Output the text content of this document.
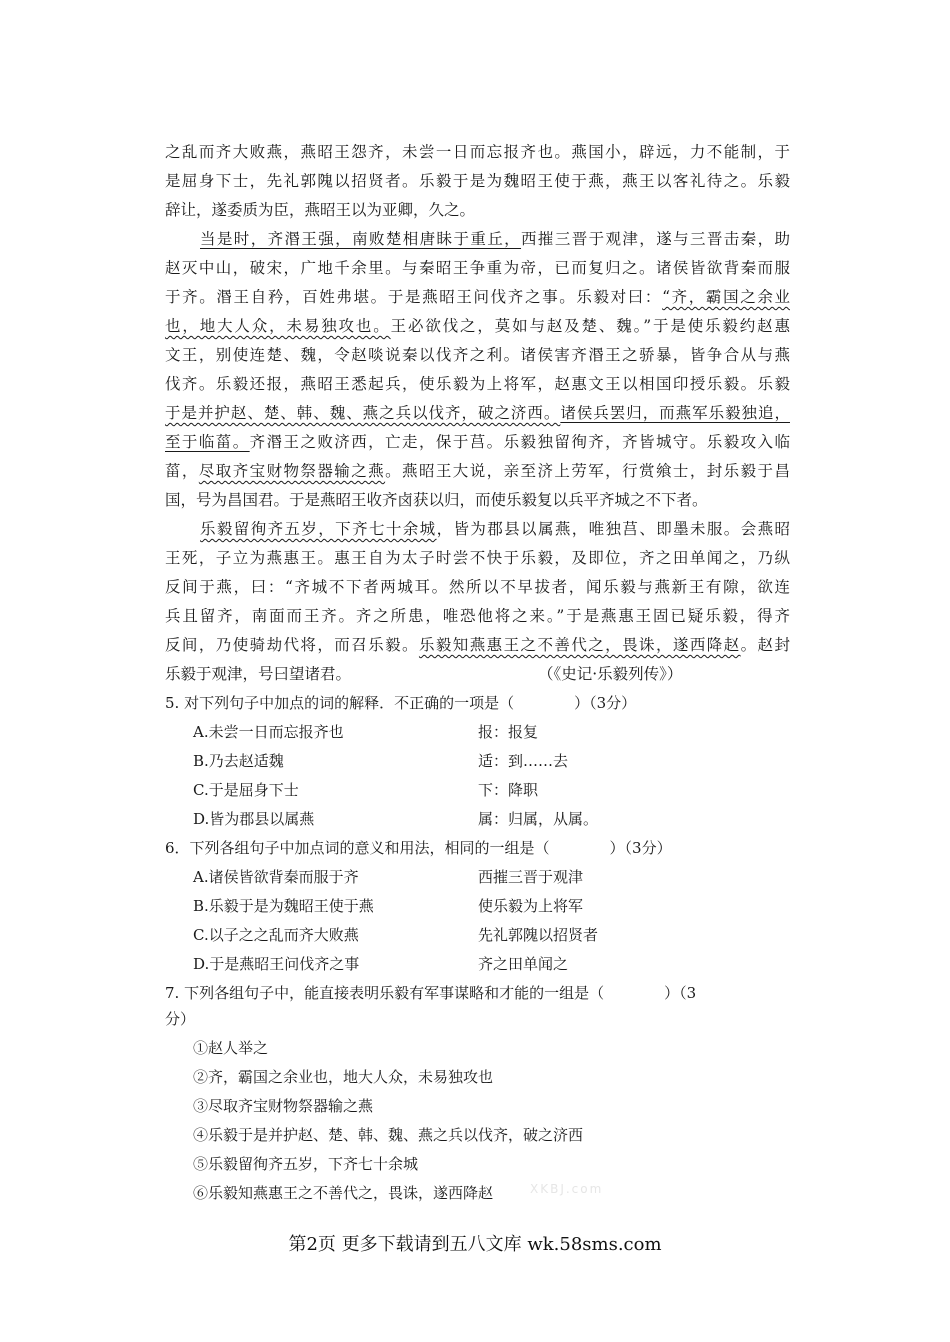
之乱而齐大败燕，燕昭王怨齐，未尝一日而忘报齐也。燕国小，辟远，力不能制，于
是屈身下士，先礼郭隗以招贤者。乐毅于是为魏昭王使于燕，燕王以客礼待之。乐毅
辞让，遂委质为臣，燕昭王以为亚卿，久之。
当是时，齐湣王强，南败楚相唐眛于重丘，西摧三晋于观津，遂与三晋击秦，助
赵灭中山，破宋，广地千余里。与秦昭王争重为帝，已而复归之。诸侯皆欲背秦而服
于齐。湣王自矜，百姓弗堪。于是燕昭王问伐齐之事。乐毅对曰：“齐，霸国之余业
也，地大人众，未易独攻也。王必欲伐之，莫如与赵及楚、魏。”于是使乐毅约赵惠
文王，别使连楚、魏，令赵啖说秦以伐齐之利。诸侯害齐湣王之骄暴，皆争合从与燕
伐齐。乐毅还报，燕昭王悉起兵，使乐毅为上将军，赵惠文王以相国印授乐毅。乐毅
于是并护赵、楚、韩、魏、燕之兵以伐齐，破之济西。诸侯兵罢归，而燕军乐毅独追，
至于临菑。齐湣王之败济西，亡走，保于莒。乐毅独留徇齐，齐皆城守。乐毅攻入临
菑，尽取齐宝财物祭器输之燕。燕昭王大说，亲至济上劳军，行赏飨士，封乐毅于昌
国，号为昌国君。于是燕昭王收齐卤获以归，而使乐毅复以兵平齐城之不下者。
乐毅留徇齐五岁，下齐七十余城，皆为郡县以属燕，唯独莒、即墨未服。会燕昭
王死，子立为燕惠王。惠王自为太子时尝不快于乐毅，及即位，齐之田单闻之，乃纵
反间于燕，曰：“齐城不下者两城耳。然所以不早拔者，闻乐毅与燕新王有隙，欲连
兵且留齐，南面而王齐。齐之所患，唯恐他将之来。”于是燕惠王固已疑乐毅，得齐
反间，乃使骑劫代将，而召乐毅。乐毅知燕惠王之不善代之，畏诛，遂西降赵。赵封
乐毅于观津，号曰望诸君。	（《史记·乐毅列传》）
5. 对下列句子中加点的词的解释．不正确的一项是（　　　　）（3分）
A.未尝一日而忘报齐也	报：报复
B.乃去赵适魏	适：到……去
C.于是屈身下士	下：降职
D.皆为郡县以属燕	属：归属，从属。
6．下列各组句子中加点词的意义和用法，相同的一组是（　　　　）（3分）
A.诸侯皆欲背秦而服于齐	西摧三晋于观津
B.乐毅于是为魏昭王使于燕	使乐毅为上将军
C.以子之之乱而齐大败燕	先礼郭隗以招贤者
D.于是燕昭王问伐齐之事	齐之田单闻之
7. 下列各组句子中，能直接表明乐毅有军事谋略和才能的一组是（　　　　）（3
分）
①赵人举之
②齐，霸国之余业也，地大人众，未易独攻也
③尽取齐宝财物祭器输之燕
④乐毅于是并护赵、楚、韩、魏、燕之兵以伐齐，破之济西
⑤乐毅留徇齐五岁，下齐七十余城
⑥乐毅知燕惠王之不善代之，畏诛，遂西降赵	XKBJ.com
第2页 更多下载请到五八文库 wk.58sms.com
